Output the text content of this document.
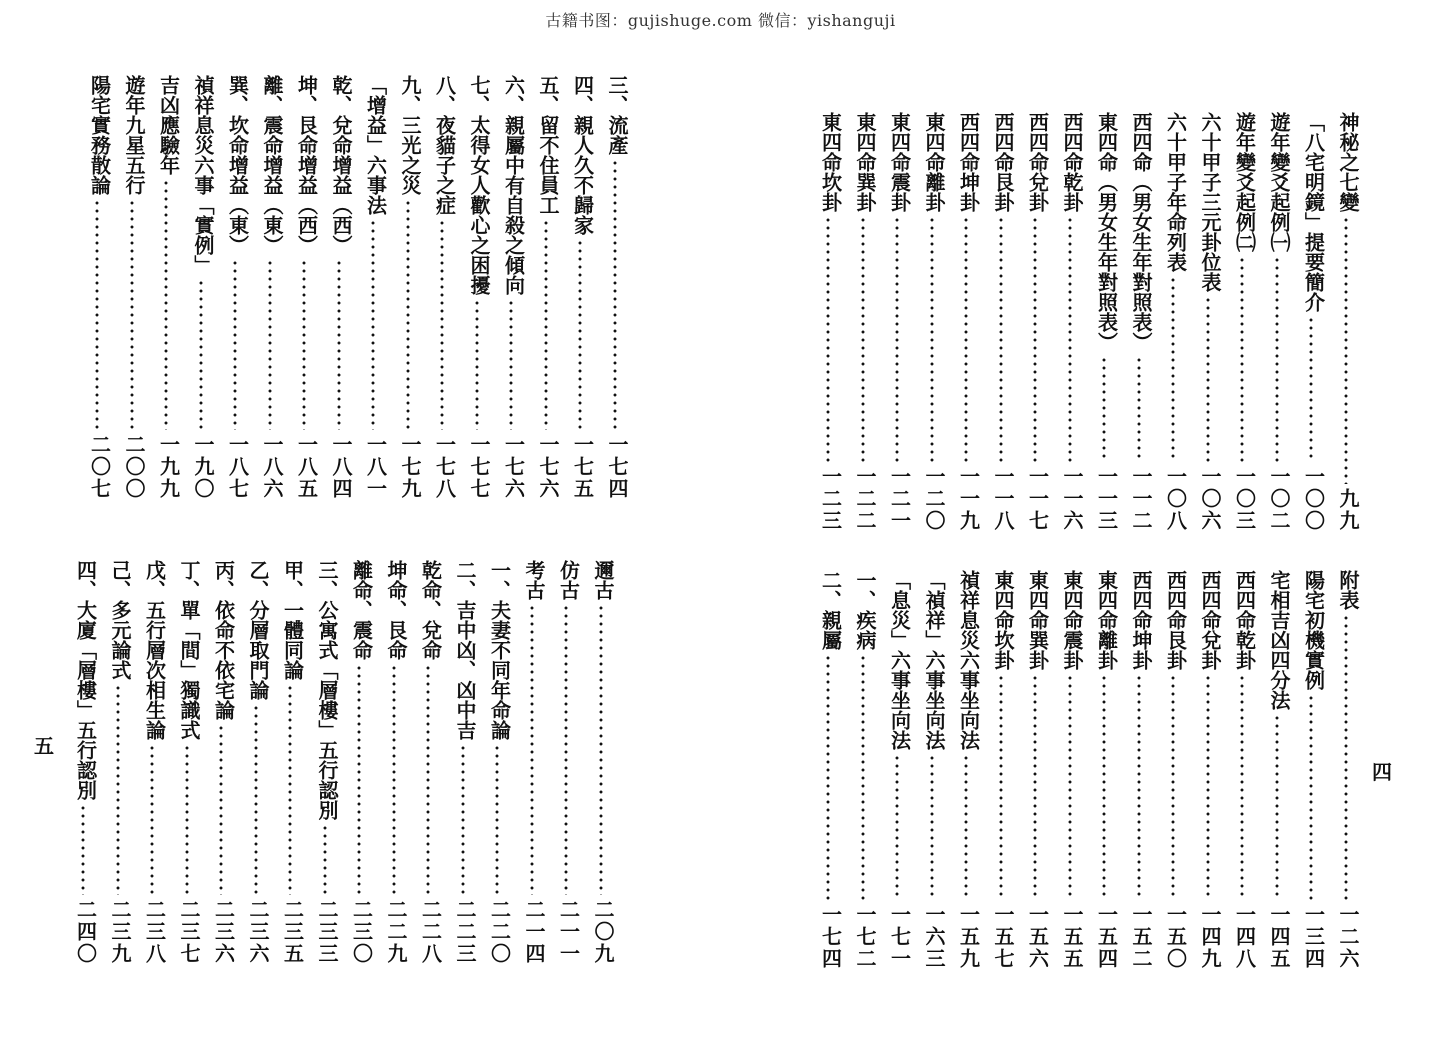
古籍书图：gujishuge.com 微信：yishanguji
神秘之七變
九九
「八宅明鏡」提要簡介
一〇〇
遊年變爻起例㈠
一〇二
遊年變爻起例㈡
一〇三
六十甲子三元卦位表
一〇六
六十甲子年命列表
一〇八
西四命（男女生年對照表）
一一二
東四命（男女生年對照表）
一一三
西四命乾卦
一一六
西四命兌卦
一一七
西四命艮卦
一一八
西四命坤卦
一一九
東四命離卦
一二〇
東四命震卦
一二一
東四命巽卦
一二二
東四命坎卦
一二三
三、流產
一七四
四、親人久不歸家
一七五
五、留不住員工
一七六
六、親屬中有自殺之傾向
一七六
七、太得女人歡心之困擾
一七七
八、夜貓子之症
一七八
九、三光之災
一七九
「增益」六事法
一八一
乾、兌命增益（西）
一八四
坤、艮命增益（西）
一八五
離、震命增益（東）
一八六
巽、坎命增益（東）
一八七
禎祥息災六事「實例」
一九〇
吉凶應驗年
一九九
遊年九星五行
二〇〇
陽宅實務散論
二〇七
附表
一二六
陽宅初機實例
一三四
宅相吉凶四分法
一四五
西四命乾卦
一四八
西四命兌卦
一四九
西四命艮卦
一五〇
西四命坤卦
一五二
東四命離卦
一五四
東四命震卦
一五五
東四命巽卦
一五六
東四命坎卦
一五七
禎祥息災六事坐向法
一五九
「禎祥」六事坐向法
一六三
「息災」六事坐向法
一七一
一、疾病
一七二
二、親屬
一七四
邇古
二〇九
仿古
二一一
考古
二一四
一、夫妻不同年命論
二二〇
二、吉中凶、凶中吉
二二三
乾命、兌命
二二八
坤命、艮命
二二九
離命、震命
二三〇
三、公寓式「層樓」五行認別
二三三
甲、一體同論
二三五
乙、分層取門論
二三六
丙、依命不依宅論
二三六
丁、單「間」獨識式
二三七
戊、五行層次相生論
二三八
己、多元論式
二三九
四、大廈「層樓」五行認別
二四〇
五
四
